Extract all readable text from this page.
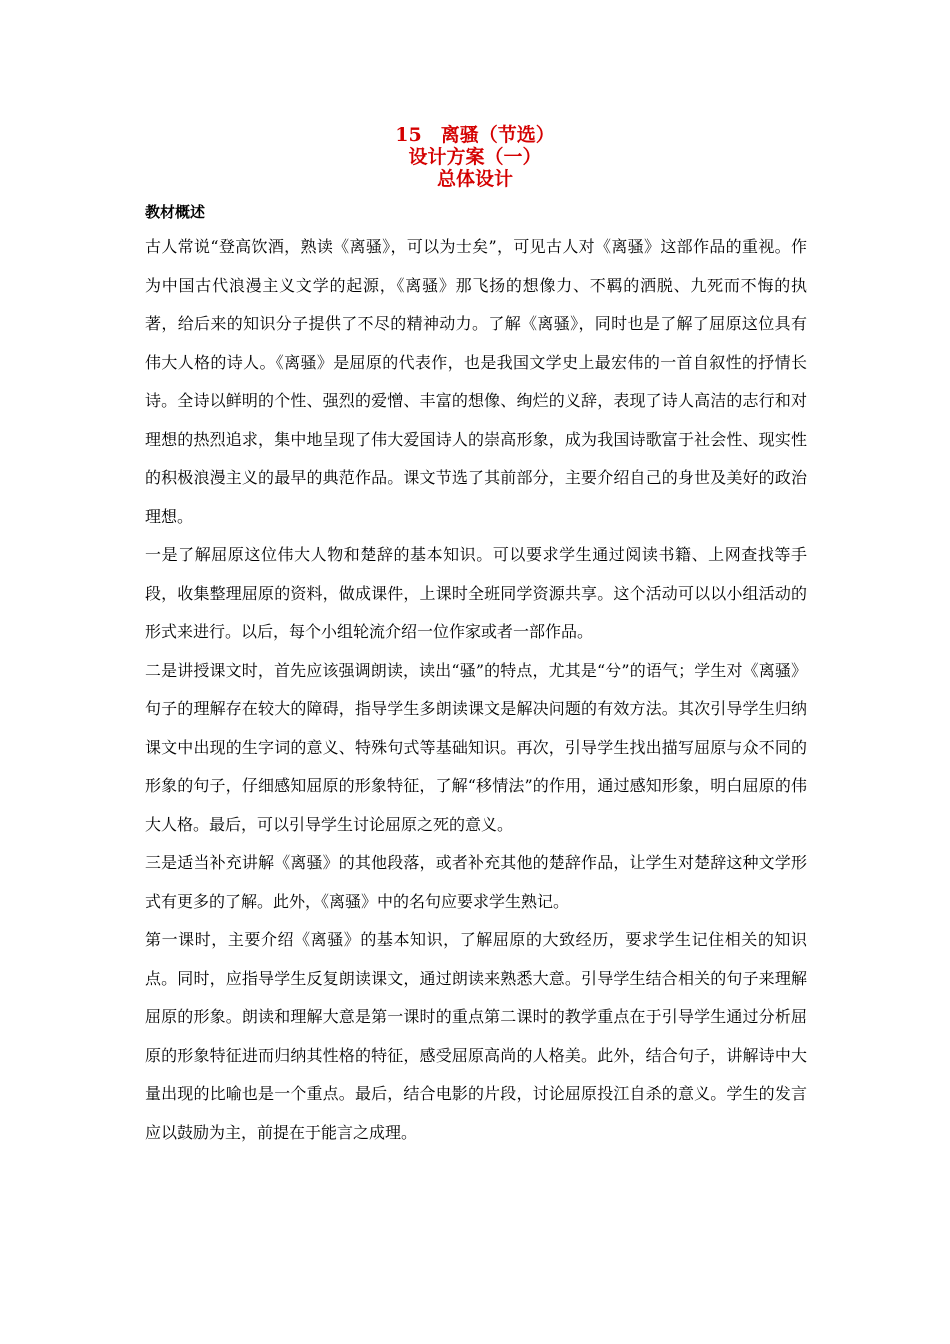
15　离骚（节选）
设计方案（一）
总体设计
教材概述

古人常说“登高饮酒，熟读《离骚》，可以为士矣”，可见古人对《离骚》这部作品的重视。作为中国古代浪漫主义文学的起源，《离骚》那飞扬的想像力、不羁的洒脱、九死而不悔的执著，给后来的知识分子提供了不尽的精神动力。了解《离骚》，同时也是了解了屈原这位具有伟大人格的诗人。《离骚》是屈原的代表作，也是我国文学史上最宏伟的一首自叙性的抒情长诗。全诗以鲜明的个性、强烈的爱憎、丰富的想像、绚烂的义辞，表现了诗人高洁的志行和对理想的热烈追求，集中地呈现了伟大爱国诗人的崇高形象，成为我国诗歌富于社会性、现实性的积极浪漫主义的最早的典范作品。课文节选了其前部分，主要介绍自己的身世及美好的政治理想。

一是了解屈原这位伟大人物和楚辞的基本知识。可以要求学生通过阅读书籍、上网查找等手段，收集整理屈原的资料，做成课件，上课时全班同学资源共享。这个活动可以以小组活动的形式来进行。以后，每个小组轮流介绍一位作家或者一部作品。

二是讲授课文时，首先应该强调朗读，读出“骚”的特点，尤其是“兮”的语气；学生对《离骚》句子的理解存在较大的障碍，指导学生多朗读课文是解决问题的有效方法。其次引导学生归纳课文中出现的生字词的意义、特殊句式等基础知识。再次，引导学生找出描写屈原与众不同的形象的句子，仔细感知屈原的形象特征，了解“移情法”的作用，通过感知形象，明白屈原的伟大人格。最后，可以引导学生讨论屈原之死的意义。

三是适当补充讲解《离骚》的其他段落，或者补充其他的楚辞作品，让学生对楚辞这种文学形式有更多的了解。此外，《离骚》中的名句应要求学生熟记。

第一课时，主要介绍《离骚》的基本知识，了解屈原的大致经历，要求学生记住相关的知识点。同时，应指导学生反复朗读课文，通过朗读来熟悉大意。引导学生结合相关的句子来理解屈原的形象。朗读和理解大意是第一课时的重点第二课时的教学重点在于引导学生通过分析屈原的形象特征进而归纳其性格的特征，感受屈原高尚的人格美。此外，结合句子，讲解诗中大量出现的比喻也是一个重点。最后，结合电影的片段，讨论屈原投江自杀的意义。学生的发言应以鼓励为主，前提在于能言之成理。
